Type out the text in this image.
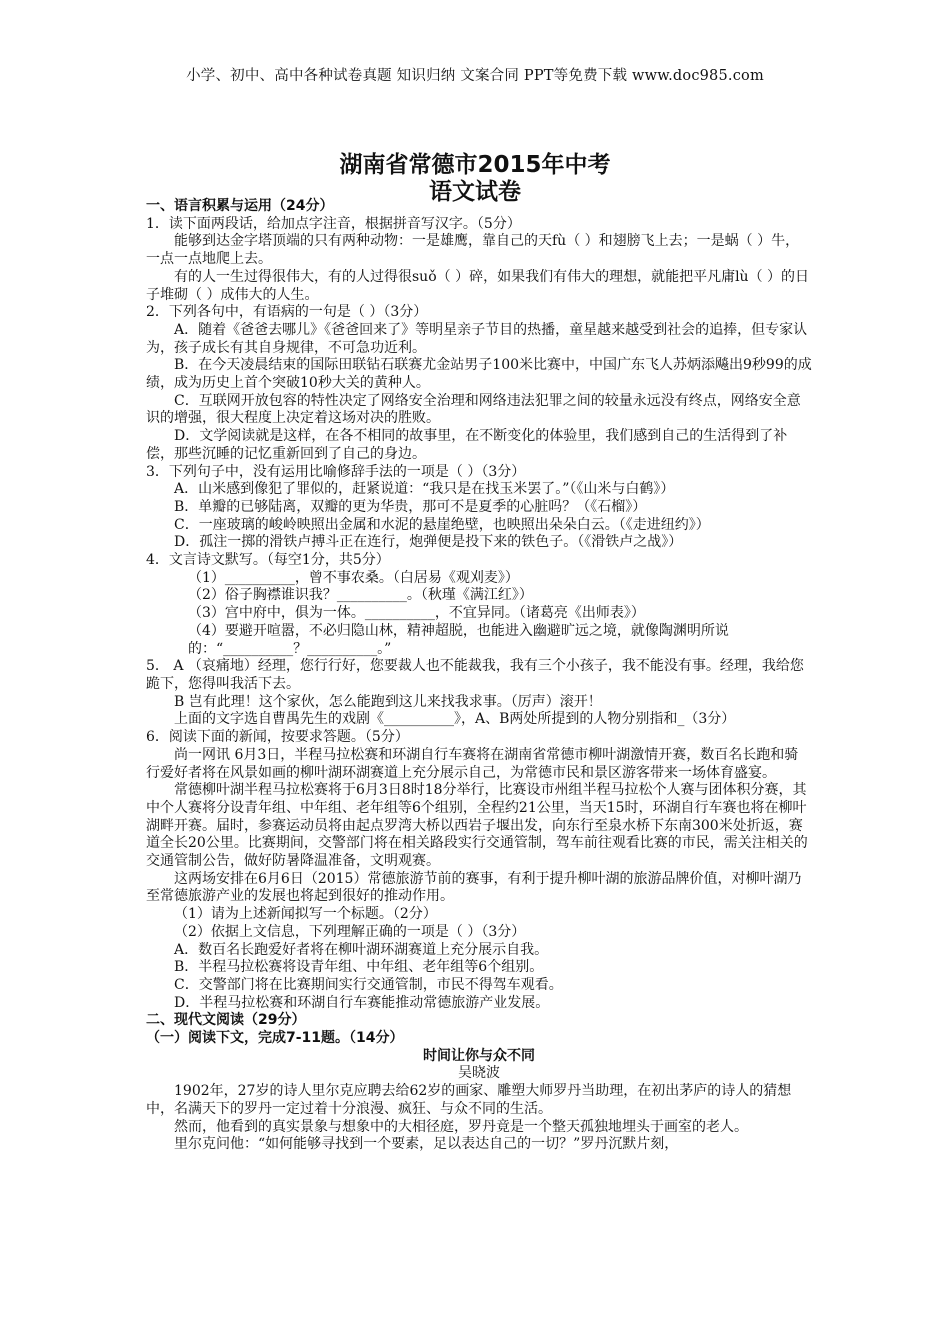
小学、初中、高中各种试卷真题 知识归纳 文案合同 PPT等免费下载 www.doc985.com
湖南省常德市2015年中考
语文试卷

一、语言积累与运用（24分）

1．读下面两段话，给加点字注音，根据拼音写汉字。（5分）

能够到达金字塔顶端的只有两种动物：一是雄鹰，靠自己的天fù（ ）和翅膀飞上去；一是蜗（ ）牛，一点一点地爬上去。

有的人一生过得很伟大，有的人过得很suǒ（ ）碎，如果我们有伟大的理想，就能把平凡庸lù（ ）的日子堆砌（ ）成伟大的人生。

2．下列各句中，有语病的一句是（ ）（3分）

A．随着《爸爸去哪儿》《爸爸回来了》等明星亲子节目的热播，童星越来越受到社会的追捧，但专家认为，孩子成长有其自身规律，不可急功近利。

B．在今天凌晨结束的国际田联钻石联赛尤金站男子100米比赛中，中国广东飞人苏炳添飚出9秒99的成绩，成为历史上首个突破10秒大关的黄种人。

C．互联网开放包容的特性决定了网络安全治理和网络违法犯罪之间的较量永远没有终点，网络安全意识的增强，很大程度上决定着这场对决的胜败。

D．文学阅读就是这样，在各不相同的故事里，在不断变化的体验里，我们感到自己的生活得到了补偿，那些沉睡的记忆重新回到了自己的身边。

3．下列句子中，没有运用比喻修辞手法的一项是（ ）（3分）

A．山米感到像犯了罪似的，赶紧说道：“我只是在找玉米罢了。”（《山米与白鹤》）

B．单瓣的已够陆离，双瓣的更为华贵，那可不是夏季的心脏吗？（《石榴》）

C．一座玻璃的峻岭映照出金属和水泥的悬崖绝壁，也映照出朵朵白云。（《走进纽约》）

D．孤注一掷的滑铁卢搏斗正在连行，炮弹便是投下来的铁色子。（《滑铁卢之战》）

4．文言诗文默写。（每空1分，共5分）

（1）__________，曾不事农桑。（白居易《观刈麦》）

（2）俗子胸襟谁识我？__________。（秋瑾《满江红》）

（3）宫中府中，俱为一体。__________，不宜异同。（诸葛亮《出师表》）

（4）要避开喧嚣，不必归隐山林，精神超脱，也能进入幽避旷远之境，就像陶渊明所说的：“__________？__________。”

5． A （哀痛地）经理，您行行好，您要裁人也不能裁我，我有三个小孩子，我不能没有事。经理，我给您跪下，您得叫我活下去。

B 岂有此理！这个家伙，怎么能跑到这儿来找我求事。（厉声）滚开！

上面的文字选自曹禺先生的戏剧《__________》，A、B两处所提到的人物分别指和_（3分）

6．阅读下面的新闻，按要求答题。（5分）

尚一网讯 6月3日，半程马拉松赛和环湖自行车赛将在湖南省常德市柳叶湖激情开赛，数百名长跑和骑行爱好者将在风景如画的柳叶湖环湖赛道上充分展示自己，为常德市民和景区游客带来一场体育盛宴。

常德柳叶湖半程马拉松赛将于6月3日8时18分举行，比赛设市州组半程马拉松个人赛与团体积分赛，其中个人赛将分设青年组、中年组、老年组等6个组别，全程约21公里，当天15时，环湖自行车赛也将在柳叶湖畔开赛。届时，参赛运动员将由起点罗湾大桥以西岩子堰出发，向东行至泉水桥下东南300米处折返，赛道全长20公里。比赛期间，交警部门将在相关路段实行交通管制，驾车前往观看比赛的市民，需关注相关的交通管制公告，做好防暑降温准备，文明观赛。

这两场安排在6月6日（2015）常德旅游节前的赛事，有利于提升柳叶湖的旅游品牌价值，对柳叶湖乃至常德旅游产业的发展也将起到很好的推动作用。

（1）请为上述新闻拟写一个标题。（2分）

（2）依据上文信息，下列理解正确的一项是（ ）（3分）

A．数百名长跑爱好者将在柳叶湖环湖赛道上充分展示自我。

B．半程马拉松赛将设青年组、中年组、老年组等6个组别。

C．交警部门将在比赛期间实行交通管制，市民不得驾车观看。

D．半程马拉松赛和环湖自行车赛能推动常德旅游产业发展。

二、现代文阅读（29分）

（一）阅读下文，完成7-11题。（14分）

时间让你与众不同

吴晓波

1902年，27岁的诗人里尔克应聘去给62岁的画家、雕塑大师罗丹当助理，在初出茅庐的诗人的猜想中，名满天下的罗丹一定过着十分浪漫、疯狂、与众不同的生活。

然而，他看到的真实景象与想象中的大相径庭，罗丹竟是一个整天孤独地埋头于画室的老人。

里尔克问他：“如何能够寻找到一个要素，足以表达自己的一切？”罗丹沉默片刻，
